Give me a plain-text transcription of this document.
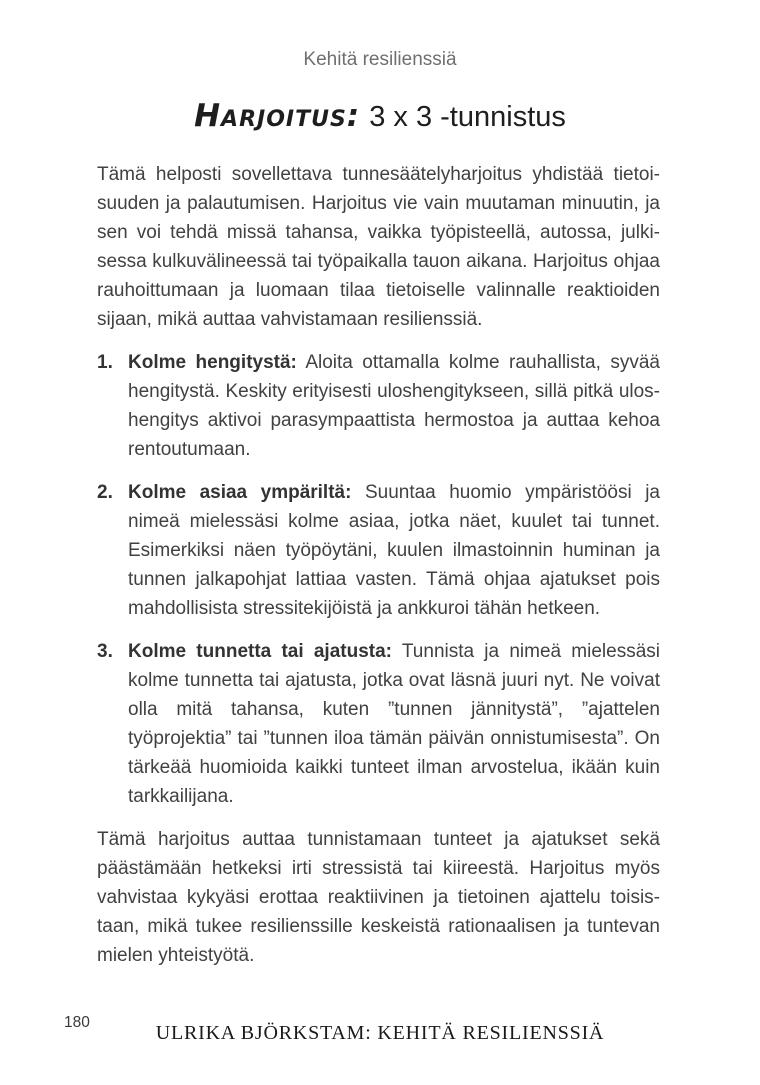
Kehitä resilienssiä
Harjoitus: 3 x 3 -tunnistus

Tämä helposti sovellettava tunnesäätelyharjoitus yhdistää tietoisuuden ja palautumisen. Harjoitus vie vain muutaman minuutin, ja sen voi tehdä missä tahansa, vaikka työpisteellä, autossa, julkisessa kulkuvälineessä tai työpaikalla tauon aikana. Harjoitus ohjaa rauhoittumaan ja luomaan tilaa tietoiselle valinnalle reaktioiden sijaan, mikä auttaa vahvistamaan resilienssiä.

1. Kolme hengitystä: Aloita ottamalla kolme rauhallista, syvää hengitystä. Keskity erityisesti uloshengitykseen, sillä pitkä uloshengitys aktivoi parasympaattista hermostoa ja auttaa kehoa rentoutumaan.
2. Kolme asiaa ympäriltä: Suuntaa huomio ympäristöösi ja nimeä mielessäsi kolme asiaa, jotka näet, kuulet tai tunnet. Esimerkiksi näen työpöytäni, kuulen ilmastoinnin huminan ja tunnen jalkapohjat lattiaa vasten. Tämä ohjaa ajatukset pois mahdollisista stressitekijöistä ja ankkuroi tähän hetkeen.
3. Kolme tunnetta tai ajatusta: Tunnista ja nimeä mielessäsi kolme tunnetta tai ajatusta, jotka ovat läsnä juuri nyt. Ne voivat olla mitä tahansa, kuten ”tunnen jännitystä”, ”ajattelen työprojektia” tai ”tunnen iloa tämän päivän onnistumisesta”. On tärkeää huomioida kaikki tunteet ilman arvostelua, ikään kuin tarkkailijana.

Tämä harjoitus auttaa tunnistamaan tunteet ja ajatukset sekä päästämään hetkeksi irti stressistä tai kiireestä. Harjoitus myös vahvistaa kykyäsi erottaa reaktiivinen ja tietoinen ajattelu toisistaan, mikä tukee resilienssille keskeistä rationaalisen ja tuntevan mielen yhteistyötä.

180	ULRIKA BJÖRKSTAM: KEHITÄ RESILIENSSIÄ
